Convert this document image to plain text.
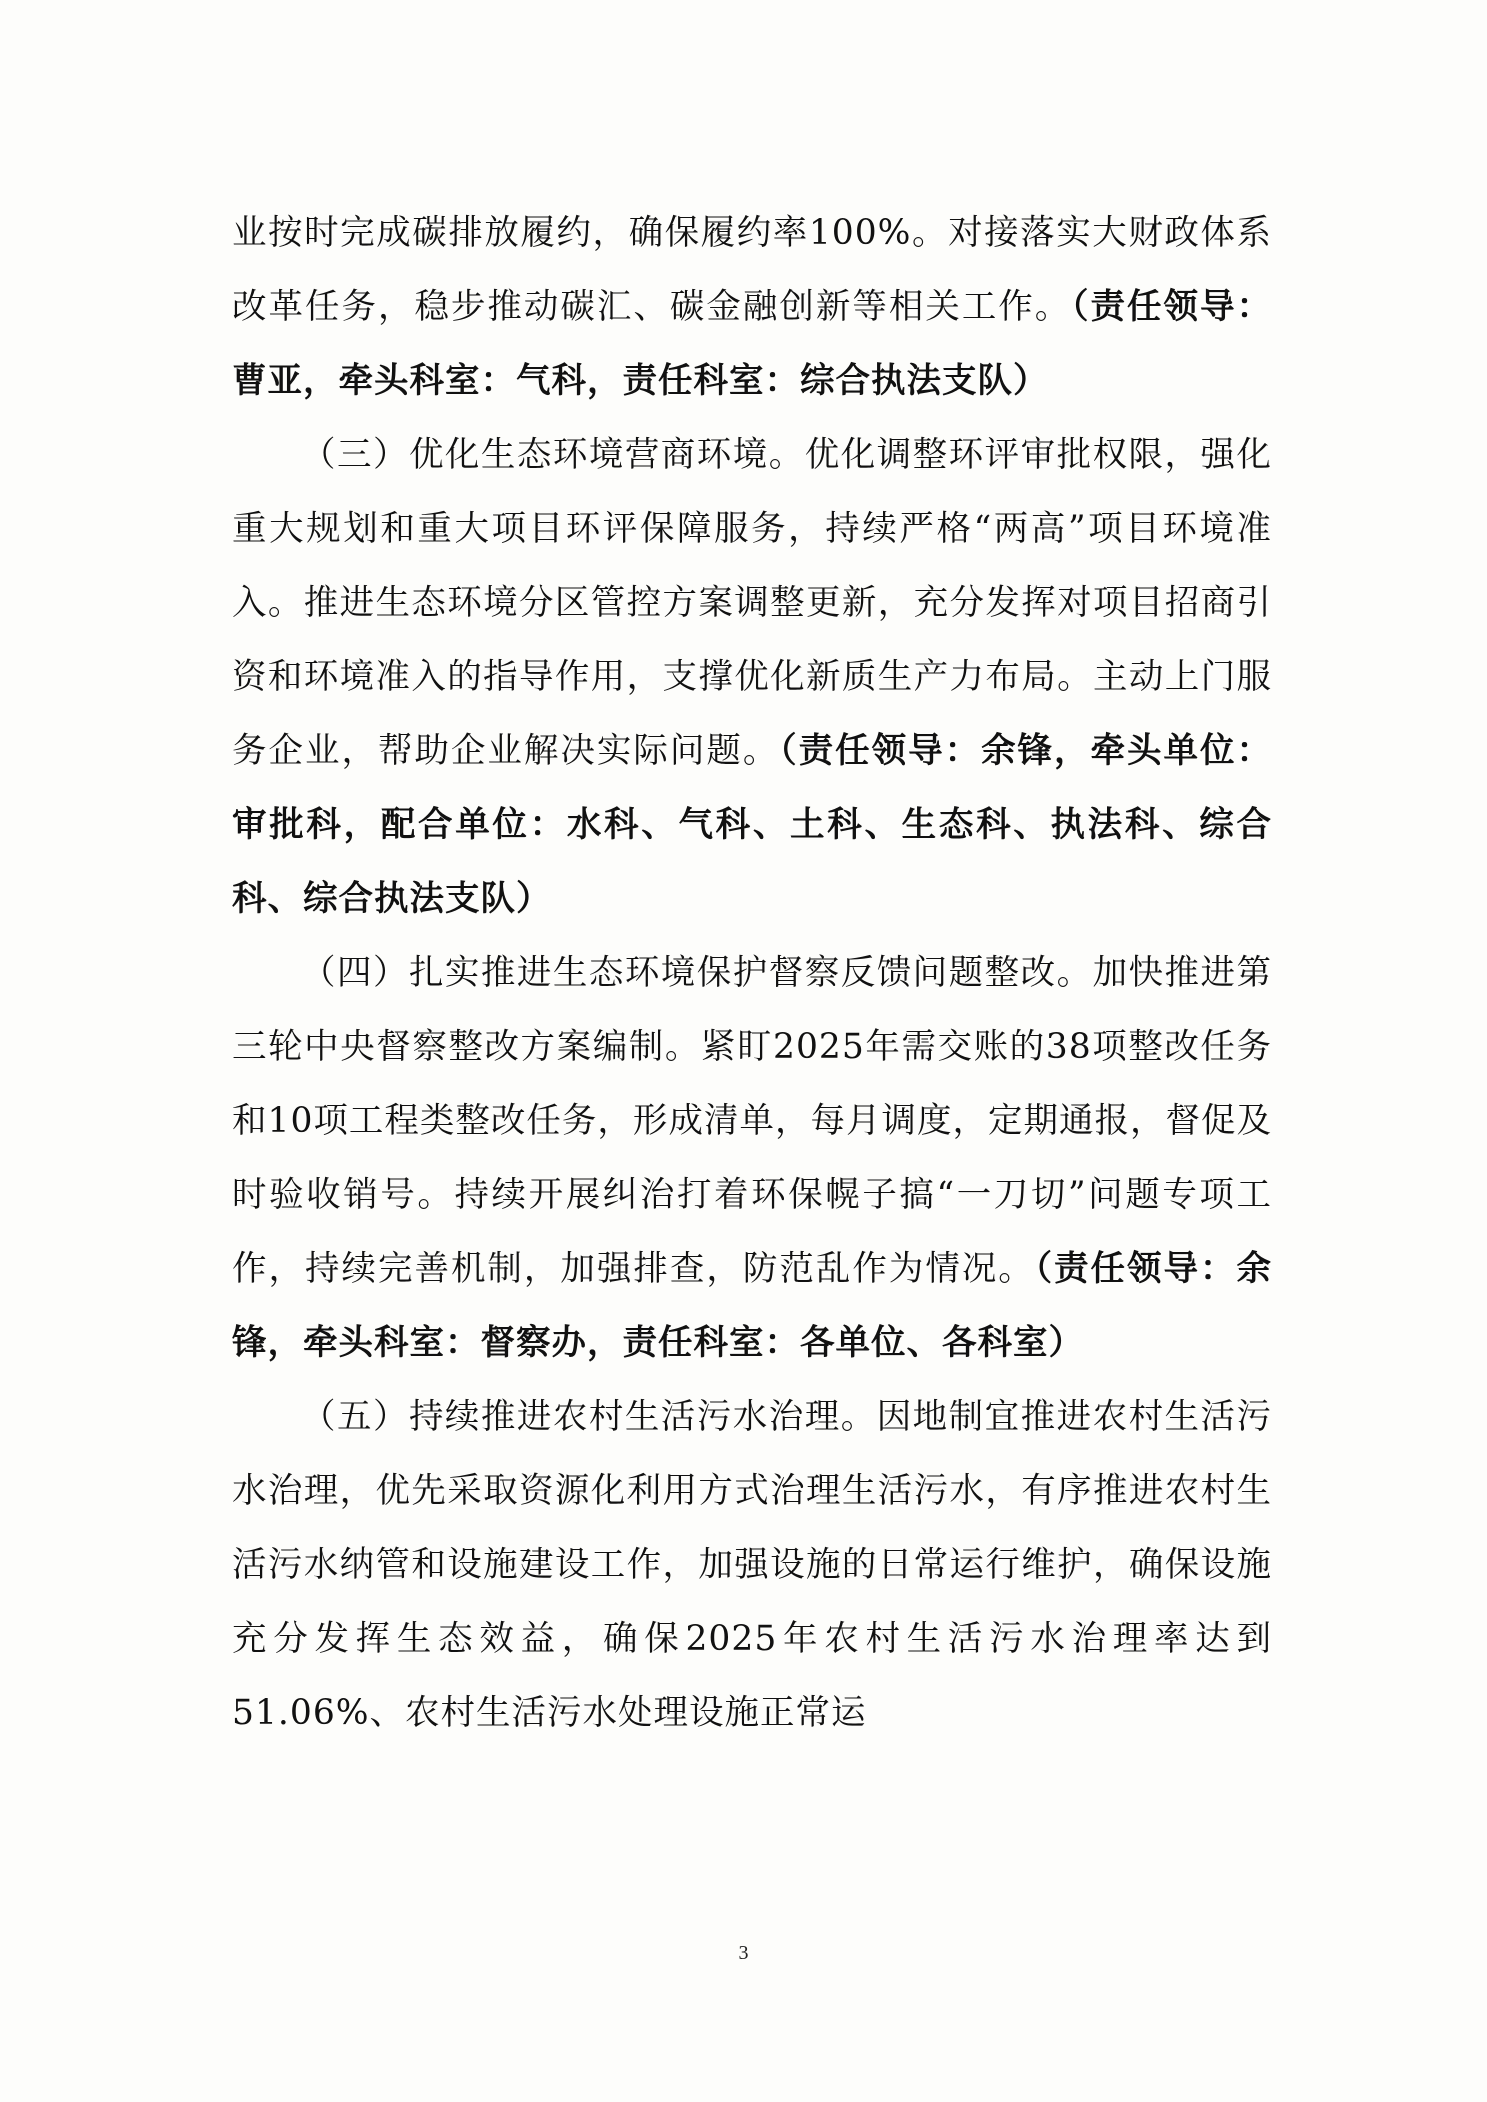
业按时完成碳排放履约，确保履约率100%。对接落实大财政体系改革任务，稳步推动碳汇、碳金融创新等相关工作。（责任领导：曹亚，牵头科室：气科，责任科室：综合执法支队）

（三）优化生态环境营商环境。优化调整环评审批权限，强化重大规划和重大项目环评保障服务，持续严格“两高”项目环境准入。推进生态环境分区管控方案调整更新，充分发挥对项目招商引资和环境准入的指导作用，支撑优化新质生产力布局。主动上门服务企业，帮助企业解决实际问题。（责任领导：余锋，牵头单位：审批科，配合单位：水科、气科、土科、生态科、执法科、综合科、综合执法支队）

（四）扎实推进生态环境保护督察反馈问题整改。加快推进第三轮中央督察整改方案编制。紧盯2025年需交账的38项整改任务和10项工程类整改任务，形成清单，每月调度，定期通报，督促及时验收销号。持续开展纠治打着环保幌子搞“一刀切”问题专项工作，持续完善机制，加强排查，防范乱作为情况。（责任领导：余锋，牵头科室：督察办，责任科室：各单位、各科室）

（五）持续推进农村生活污水治理。因地制宜推进农村生活污水治理，优先采取资源化利用方式治理生活污水，有序推进农村生活污水纳管和设施建设工作，加强设施的日常运行维护，确保设施充分发挥生态效益，确保2025年农村生活污水治理率达到51.06%、农村生活污水处理设施正常运

3
